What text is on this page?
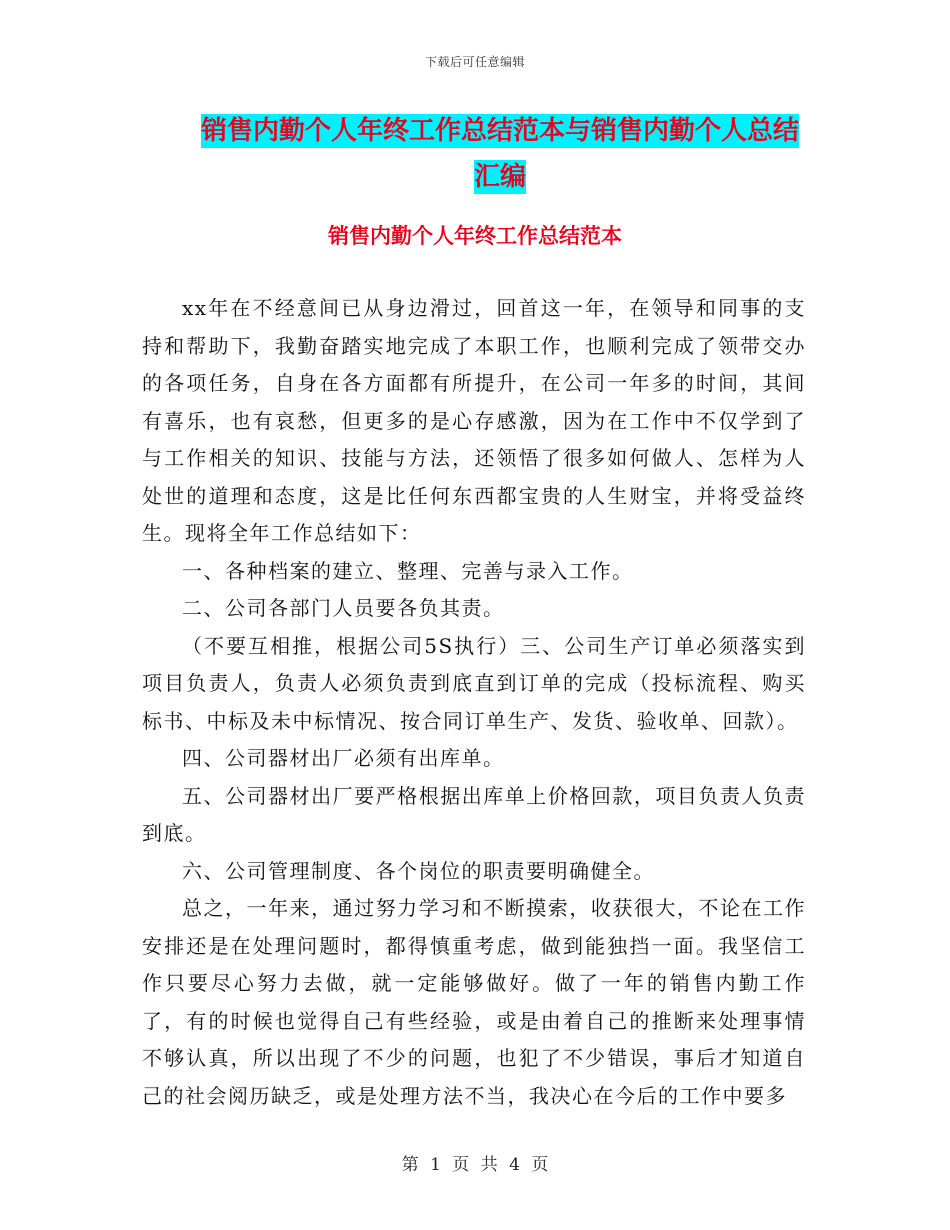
下载后可任意编辑
销售内勤个人年终工作总结范本与销售内勤个人总结
汇编
销售内勤个人年终工作总结范本

xx年在不经意间已从身边滑过，回首这一年，在领导和同事的支持和帮助下，我勤奋踏实地完成了本职工作，也顺利完成了领带交办的各项任务，自身在各方面都有所提升，在公司一年多的时间，其间有喜乐，也有哀愁，但更多的是心存感激，因为在工作中不仅学到了与工作相关的知识、技能与方法，还领悟了很多如何做人、怎样为人处世的道理和态度，这是比任何东西都宝贵的人生财宝，并将受益终生。现将全年工作总结如下：

一、各种档案的建立、整理、完善与录入工作。

二、公司各部门人员要各负其责。

（不要互相推，根据公司5S执行）三、公司生产订单必须落实到项目负责人，负责人必须负责到底直到订单的完成（投标流程、购买标书、中标及未中标情况、按合同订单生产、发货、验收单、回款）。

四、公司器材出厂必须有出库单。

五、公司器材出厂要严格根据出库单上价格回款，项目负责人负责到底。

六、公司管理制度、各个岗位的职责要明确健全。

总之，一年来，通过努力学习和不断摸索，收获很大，不论在工作安排还是在处理问题时，都得慎重考虑，做到能独挡一面。我坚信工作只要尽心努力去做，就一定能够做好。做了一年的销售内勤工作了，有的时候也觉得自己有些经验，或是由着自己的推断来处理事情不够认真，所以出现了不少的问题，也犯了不少错误，事后才知道自己的社会阅历缺乏，或是处理方法不当，我决心在今后的工作中要多

第 1 页 共 4 页
